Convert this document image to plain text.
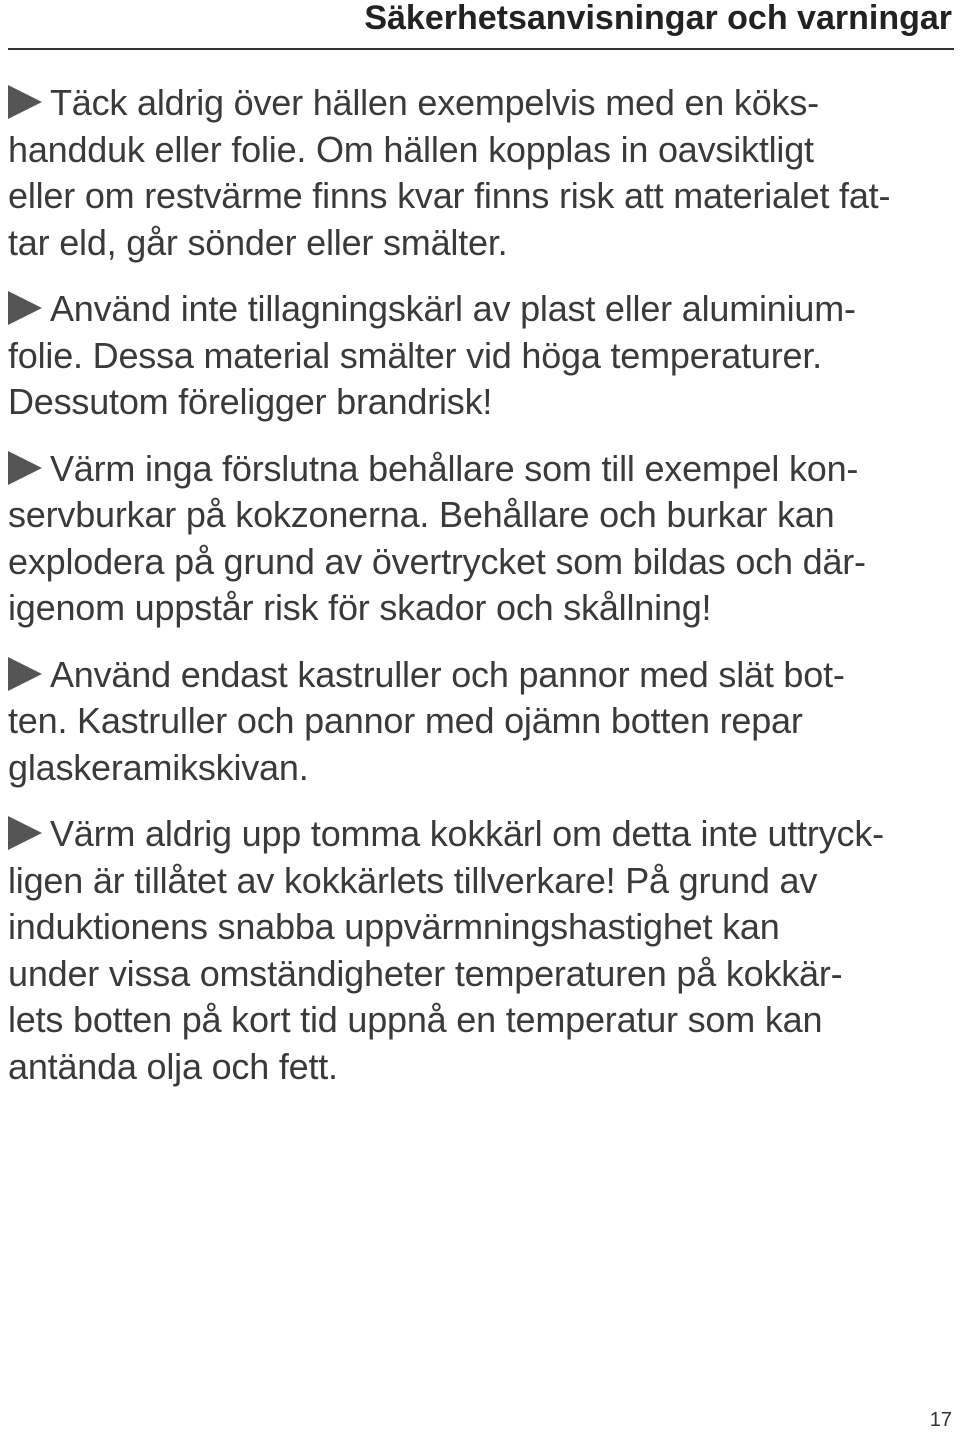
Säkerhetsanvisningar och varningar

Täck aldrig över hällen exempelvis med en köks-
handduk eller folie. Om hällen kopplas in oavsiktligt
eller om restvärme finns kvar finns risk att materialet fat-
tar eld, går sönder eller smälter.

Använd inte tillagningskärl av plast eller aluminium-
folie. Dessa material smälter vid höga temperaturer.
Dessutom föreligger brandrisk!

Värm inga förslutna behållare som till exempel kon-
servburkar på kokzonerna. Behållare och burkar kan
explodera på grund av övertrycket som bildas och där-
igenom uppstår risk för skador och skållning!

Använd endast kastruller och pannor med slät bot-
ten. Kastruller och pannor med ojämn botten repar
glaskeramikskivan.

Värm aldrig upp tomma kokkärl om detta inte uttryck-
ligen är tillåtet av kokkärlets tillverkare! På grund av
induktionens snabba uppvärmningshastighet kan
under vissa omständigheter temperaturen på kokkär-
lets botten på kort tid uppnå en temperatur som kan
antända olja och fett.

17
